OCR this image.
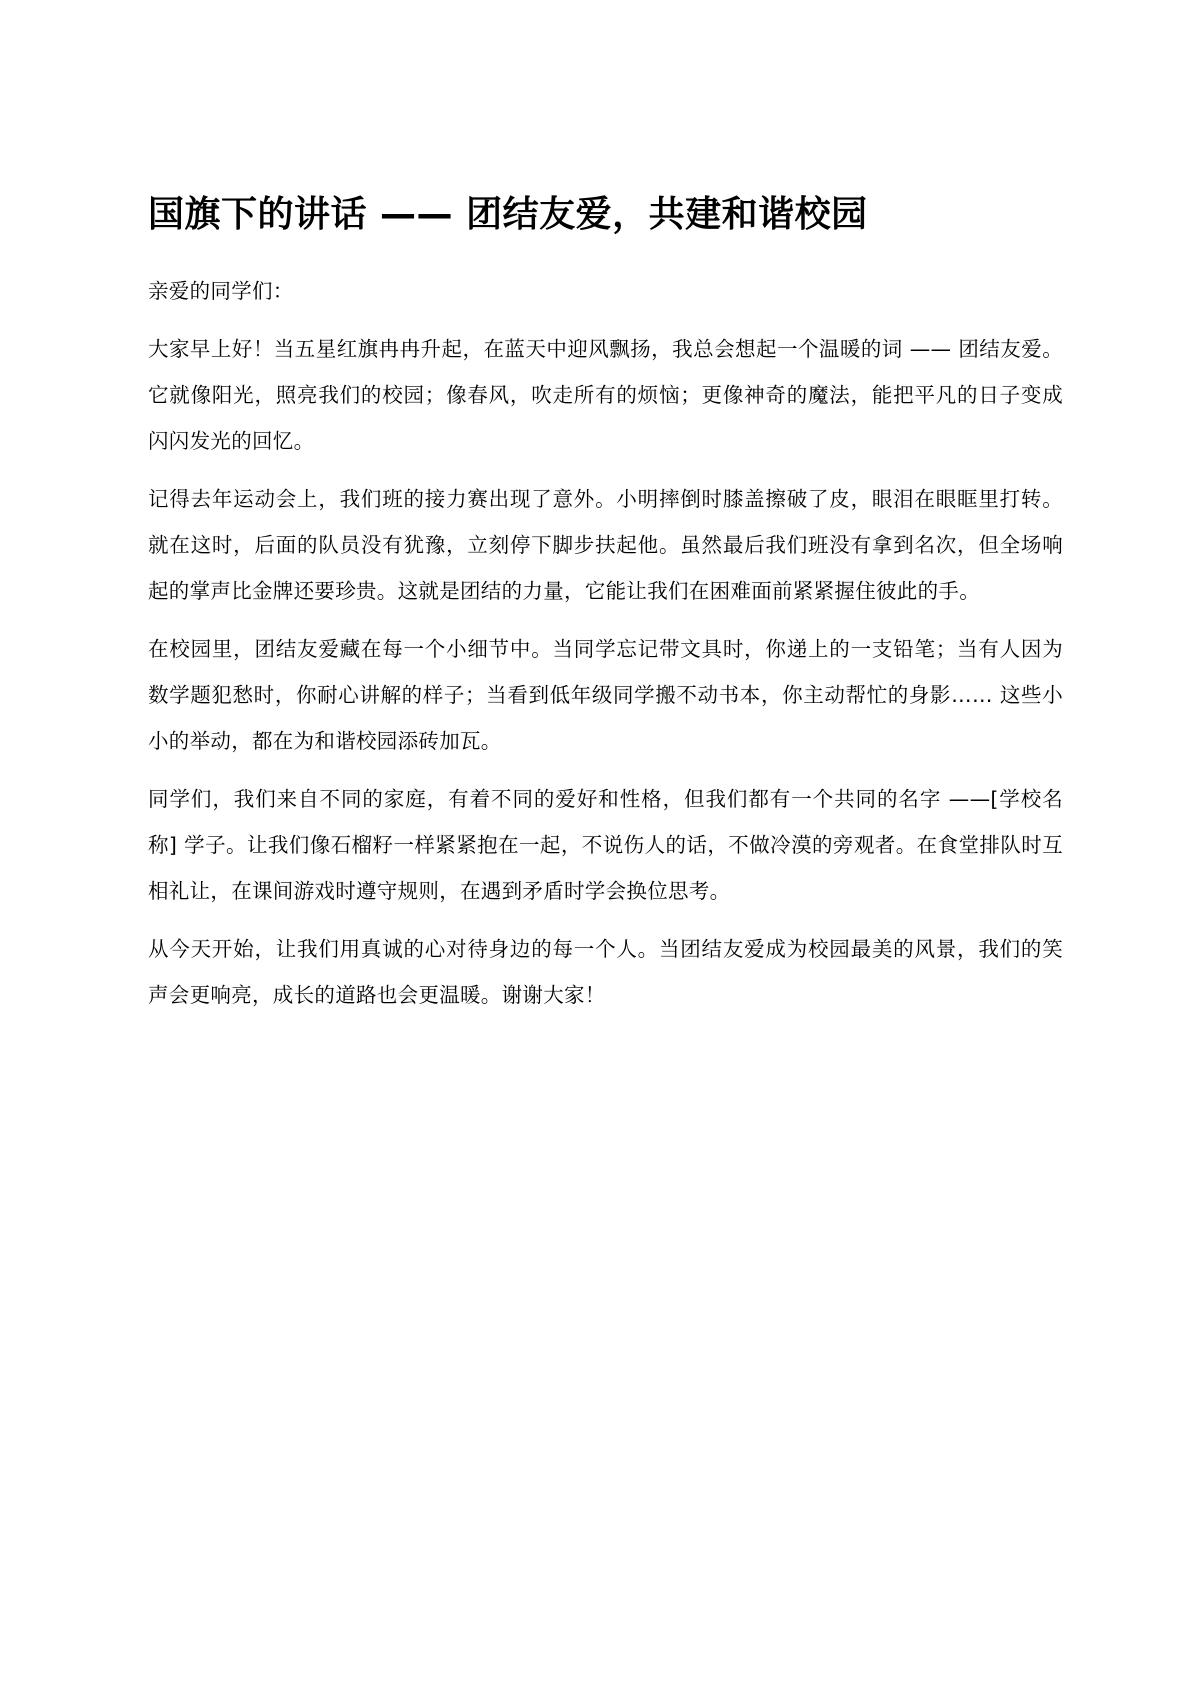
国旗下的讲话 —— 团结友爱，共建和谐校园

亲爱的同学们：

大家早上好！当五星红旗冉冉升起，在蓝天中迎风飘扬，我总会想起一个温暖的词 —— 团结友爱。它就像阳光，照亮我们的校园；像春风，吹走所有的烦恼；更像神奇的魔法，能把平凡的日子变成闪闪发光的回忆。

记得去年运动会上，我们班的接力赛出现了意外。小明摔倒时膝盖擦破了皮，眼泪在眼眶里打转。就在这时，后面的队员没有犹豫，立刻停下脚步扶起他。虽然最后我们班没有拿到名次，但全场响起的掌声比金牌还要珍贵。这就是团结的力量，它能让我们在困难面前紧紧握住彼此的手。

在校园里，团结友爱藏在每一个小细节中。当同学忘记带文具时，你递上的一支铅笔；当有人因为数学题犯愁时，你耐心讲解的样子；当看到低年级同学搬不动书本，你主动帮忙的身影…… 这些小小的举动，都在为和谐校园添砖加瓦。

同学们，我们来自不同的家庭，有着不同的爱好和性格，但我们都有一个共同的名字 ——[学校名称] 学子。让我们像石榴籽一样紧紧抱在一起，不说伤人的话，不做冷漠的旁观者。在食堂排队时互相礼让，在课间游戏时遵守规则，在遇到矛盾时学会换位思考。

从今天开始，让我们用真诚的心对待身边的每一个人。当团结友爱成为校园最美的风景，我们的笑声会更响亮，成长的道路也会更温暖。谢谢大家！
